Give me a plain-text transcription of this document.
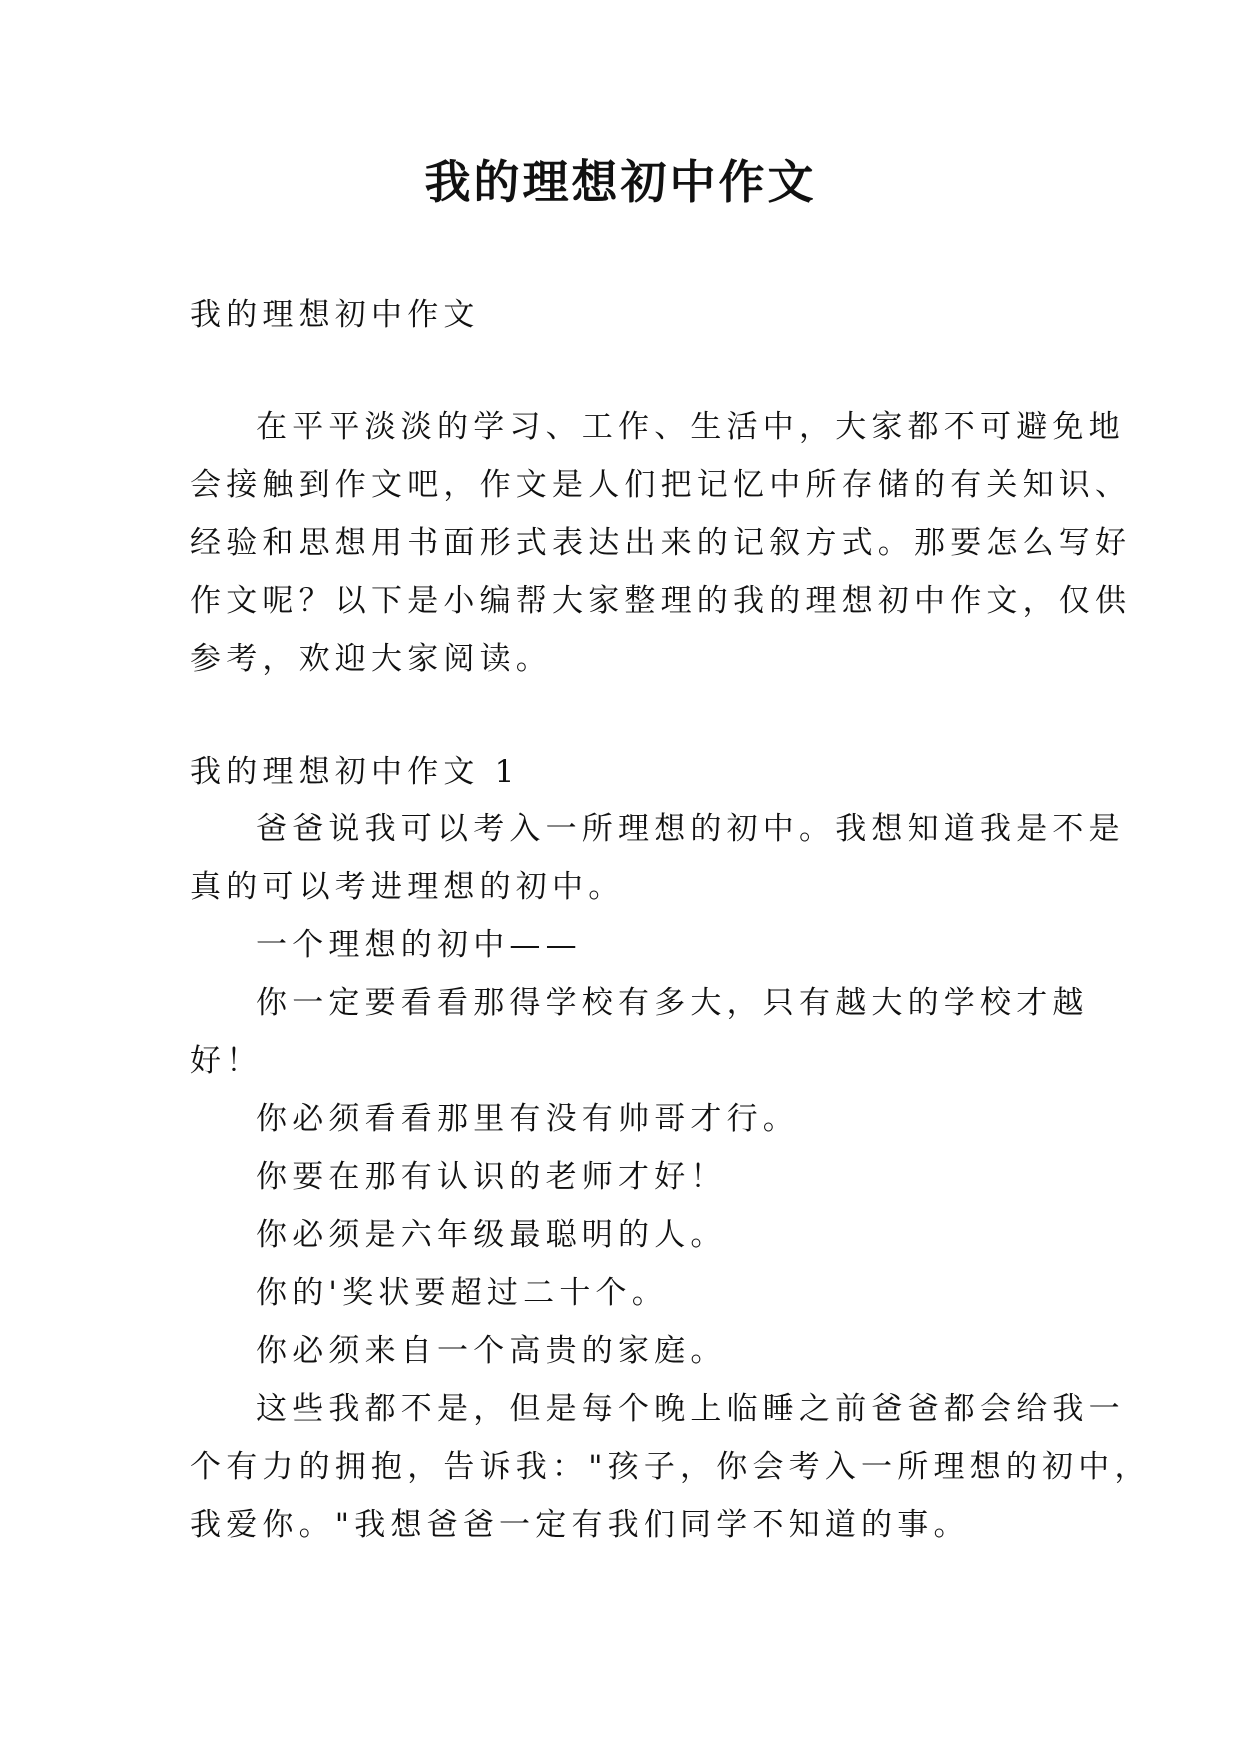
我的理想初中作文

我的理想初中作文

在平平淡淡的学习、工作、生活中，大家都不可避免地

会接触到作文吧，作文是人们把记忆中所存储的有关知识、

经验和思想用书面形式表达出来的记叙方式。那要怎么写好

作文呢？以下是小编帮大家整理的我的理想初中作文，仅供

参考，欢迎大家阅读。

我的理想初中作文 1

爸爸说我可以考入一所理想的初中。我想知道我是不是

真的可以考进理想的初中。

一个理想的初中——

你一定要看看那得学校有多大，只有越大的学校才越

好！

你必须看看那里有没有帅哥才行。

你要在那有认识的老师才好！

你必须是六年级最聪明的人。

你的'奖状要超过二十个。

你必须来自一个高贵的家庭。

这些我都不是，但是每个晚上临睡之前爸爸都会给我一

个有力的拥抱，告诉我："孩子，你会考入一所理想的初中，

我爱你。"我想爸爸一定有我们同学不知道的事。
